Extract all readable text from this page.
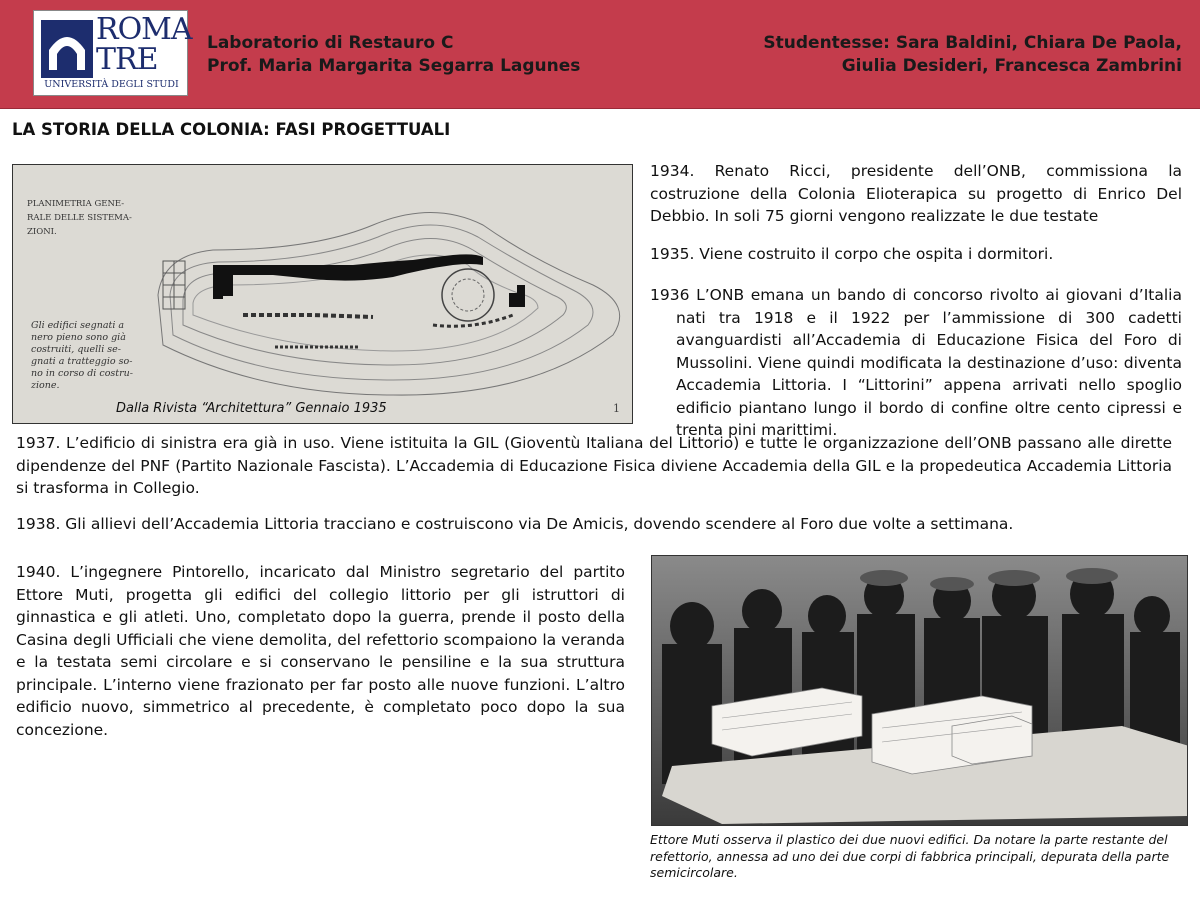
ROMA
TRE
UNIVERSITÀ DEGLI STUDI
Laboratorio di Restauro C
Prof. Maria Margarita Segarra Lagunes
Studentesse: Sara Baldini, Chiara De Paola,
Giulia Desideri, Francesca Zambrini
LA STORIA DELLA COLONIA: FASI PROGETTUALI
PLANIMETRIA GENE-
RALE DELLE SISTEMA-
ZIONI.
Gli edifici segnati a
nero pieno sono già
costruiti, quelli se-
gnati a tratteggio so-
no in corso di costru-
zione.
1
Dalla Rivista “Architettura” Gennaio 1935
1934. Renato Ricci, presidente dell’ONB, commissiona la costruzione della Colonia Elioterapica su progetto di Enrico Del Debbio. In soli 75 giorni vengono realizzate le due testate
1935. Viene costruito il corpo che ospita i dormitori.
1936 L’ONB emana un bando di concorso rivolto ai giovani d’Italia nati tra 1918 e il 1922 per l’ammissione di 300 cadetti avanguardisti all’Accademia di Educazione Fisica del Foro di Mussolini. Viene quindi modificata la destinazione d’uso: diventa Accademia Littoria. I “Littorini” appena arrivati nello spoglio edificio piantano lungo il bordo di confine oltre cento cipressi e trenta pini marittimi.
1937. L’edificio di sinistra era già in uso. Viene istituita la GIL (Gioventù Italiana del Littorio) e tutte le organizzazione dell’ONB passano alle dirette dipendenze del PNF (Partito Nazionale Fascista). L’Accademia di Educazione Fisica diviene Accademia della GIL e la propedeutica Accademia Littoria si trasforma in Collegio.
1938. Gli allievi dell’Accademia Littoria tracciano e costruiscono via De Amicis, dovendo scendere al Foro due volte a settimana.
1940. L’ingegnere Pintorello, incaricato dal Ministro segretario del partito Ettore Muti, progetta gli edifici del collegio littorio per gli istruttori di ginnastica e gli atleti. Uno, completato dopo la guerra, prende il posto della Casina degli Ufficiali che viene demolita, del refettorio scompaiono la veranda e la testata semi circolare e si conservano le pensiline e la sua struttura principale. L’interno viene frazionato per far posto alle nuove funzioni. L’altro edificio nuovo, simmetrico al precedente, è completato poco dopo la sua concezione.
Ettore Muti osserva il plastico dei due nuovi edifici. Da notare la parte restante del refettorio, annessa ad uno dei due corpi di fabbrica principali, depurata della parte semicircolare.
